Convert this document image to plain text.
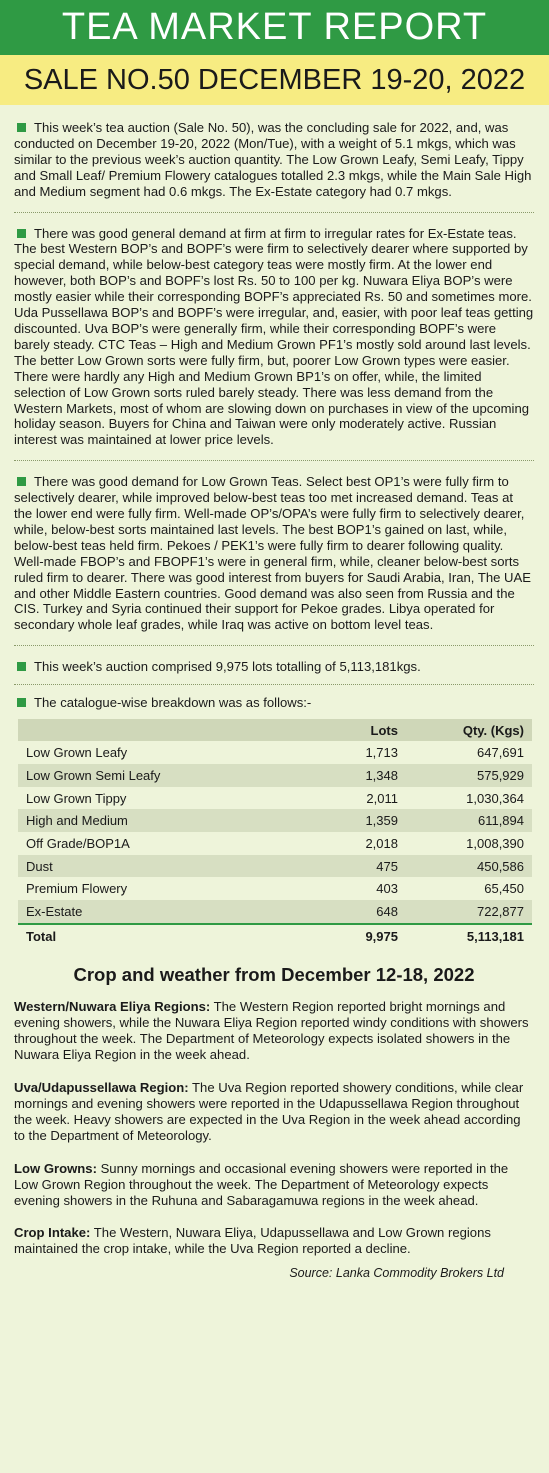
TEA MARKET REPORT
SALE NO.50 DECEMBER 19-20, 2022

This week’s tea auction (Sale No. 50), was the concluding sale for 2022, and, was conducted on December 19-20, 2022 (Mon/Tue), with a weight of 5.1 mkgs, which was similar to the previous week’s auction quantity. The Low Grown Leafy, Semi Leafy, Tippy and Small Leaf/ Premium Flowery catalogues totalled 2.3 mkgs, while the Main Sale High and Medium segment had 0.6 mkgs. The Ex-Estate category had 0.7 mkgs.

There was good general demand at firm at firm to irregular rates for Ex-Estate teas. The best Western BOP’s and BOPF’s were firm to selectively dearer where supported by special demand, while below-best category teas were mostly firm. At the lower end however, both BOP’s and BOPF’s lost Rs. 50 to 100 per kg. Nuwara Eliya BOP’s were mostly easier while their corresponding BOPF’s appreciated Rs. 50 and sometimes more. Uda Pussellawa BOP’s and BOPF’s were irregular, and, easier, with poor leaf teas getting discounted. Uva BOP’s were generally firm, while their corresponding BOPF’s were barely steady. CTC Teas – High and Medium Grown PF1’s mostly sold around last levels. The better Low Grown sorts were fully firm, but, poorer Low Grown types were easier. There were hardly any High and Medium Grown BP1’s on offer, while, the limited selection of Low Grown sorts ruled barely steady. There was less demand from the Western Markets, most of whom are slowing down on purchases in view of the upcoming holiday season. Buyers for China and Taiwan were only moderately active. Russian interest was maintained at lower price levels.

There was good demand for Low Grown Teas. Select best OP1’s were fully firm to selectively dearer, while improved below-best teas too met increased demand. Teas at the lower end were fully firm. Well-made OP’s/OPA’s were fully firm to selectively dearer, while, below-best sorts maintained last levels. The best BOP1’s gained on last, while, below-best teas held firm. Pekoes / PEK1’s were fully firm to dearer following quality. Well-made FBOP’s and FBOPF1’s were in general firm, while, cleaner below-best sorts ruled firm to dearer. There was good interest from buyers for Saudi Arabia, Iran, The UAE and other Middle Eastern countries. Good demand was also seen from Russia and the CIS. Turkey and Syria continued their support for Pekoe grades. Libya operated for secondary whole leaf grades, while Iraq was active on bottom level teas.

This week’s auction comprised 9,975 lots totalling of 5,113,181kgs.

The catalogue-wise breakdown was as follows:-

	Lots	Qty. (Kgs)
Low Grown Leafy	1,713	647,691
Low Grown Semi Leafy	1,348	575,929
Low Grown Tippy	2,011	1,030,364
High and Medium	1,359	611,894
Off Grade/BOP1A	2,018	1,008,390
Dust	475	450,586
Premium Flowery	403	65,450
Ex-Estate	648	722,877
Total	9,975	5,113,181
Crop and weather from December 12-18, 2022

Western/Nuwara Eliya Regions: The Western Region reported bright mornings and evening showers, while the Nuwara Eliya Region reported windy conditions with showers throughout the week. The Department of Meteorology expects isolated showers in the Nuwara Eliya Region in the week ahead.

Uva/Udapussellawa Region: The Uva Region reported showery conditions, while clear mornings and evening showers were reported in the Udapussellawa Region throughout the week. Heavy showers are expected in the Uva Region in the week ahead according to the Department of Meteorology.

Low Growns: Sunny mornings and occasional evening showers were reported in the Low Grown Region throughout the week. The Department of Meteorology expects evening showers in the Ruhuna and Sabaragamuwa regions in the week ahead.

Crop Intake: The Western, Nuwara Eliya, Udapussellawa and Low Grown regions maintained the crop intake, while the Uva Region reported a decline.

Source: Lanka Commodity Brokers Ltd
